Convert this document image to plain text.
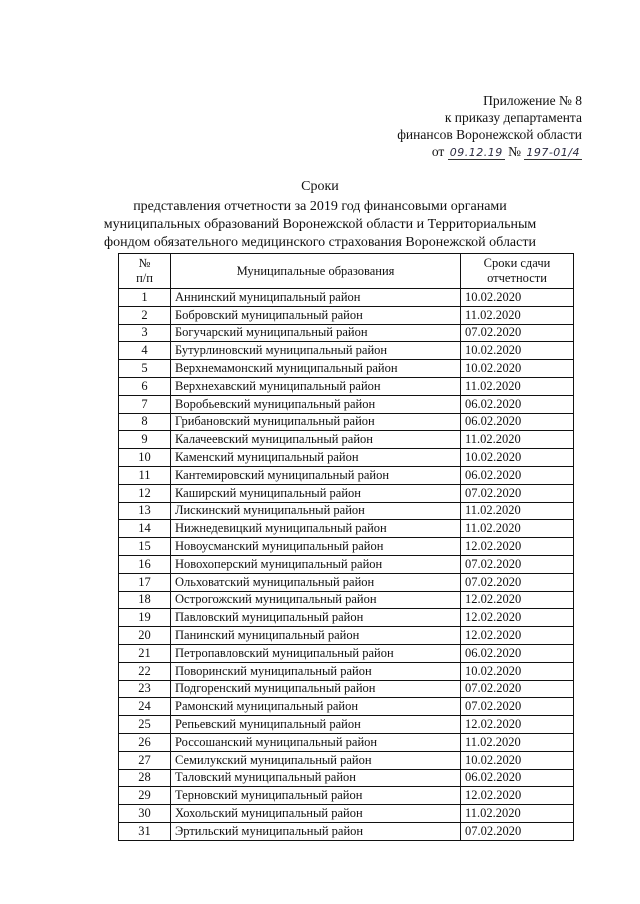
Приложение № 8
к приказу департамента
финансов Воронежской области
от 09.12.19 № 197-01/4
Сроки
представления отчетности за 2019 год финансовыми органами
муниципальных образований Воронежской области и Территориальным
фондом обязательного медицинского страхования Воронежской области
№
п/п	Муниципальные образования	Сроки сдачи
отчетности
1	Аннинский муниципальный район	10.02.2020
2	Бобровский муниципальный район	11.02.2020
3	Богучарский муниципальный район	07.02.2020
4	Бутурлиновский муниципальный район	10.02.2020
5	Верхнемамонский муниципальный район	10.02.2020
6	Верхнехавский муниципальный район	11.02.2020
7	Воробьевский муниципальный район	06.02.2020
8	Грибановский муниципальный район	06.02.2020
9	Калачеевский муниципальный район	11.02.2020
10	Каменский муниципальный район	10.02.2020
11	Кантемировский муниципальный район	06.02.2020
12	Каширский муниципальный район	07.02.2020
13	Лискинский муниципальный район	11.02.2020
14	Нижнедевицкий муниципальный район	11.02.2020
15	Новоусманский муниципальный район	12.02.2020
16	Новохоперский муниципальный район	07.02.2020
17	Ольховатский муниципальный район	07.02.2020
18	Острогожский муниципальный район	12.02.2020
19	Павловский муниципальный район	12.02.2020
20	Панинский муниципальный район	12.02.2020
21	Петропавловский муниципальный район	06.02.2020
22	Поворинский муниципальный район	10.02.2020
23	Подгоренский муниципальный район	07.02.2020
24	Рамонский муниципальный район	07.02.2020
25	Репьевский муниципальный район	12.02.2020
26	Россошанский муниципальный район	11.02.2020
27	Семилукский муниципальный район	10.02.2020
28	Таловский муниципальный район	06.02.2020
29	Терновский муниципальный район	12.02.2020
30	Хохольский муниципальный район	11.02.2020
31	Эртильский муниципальный район	07.02.2020
